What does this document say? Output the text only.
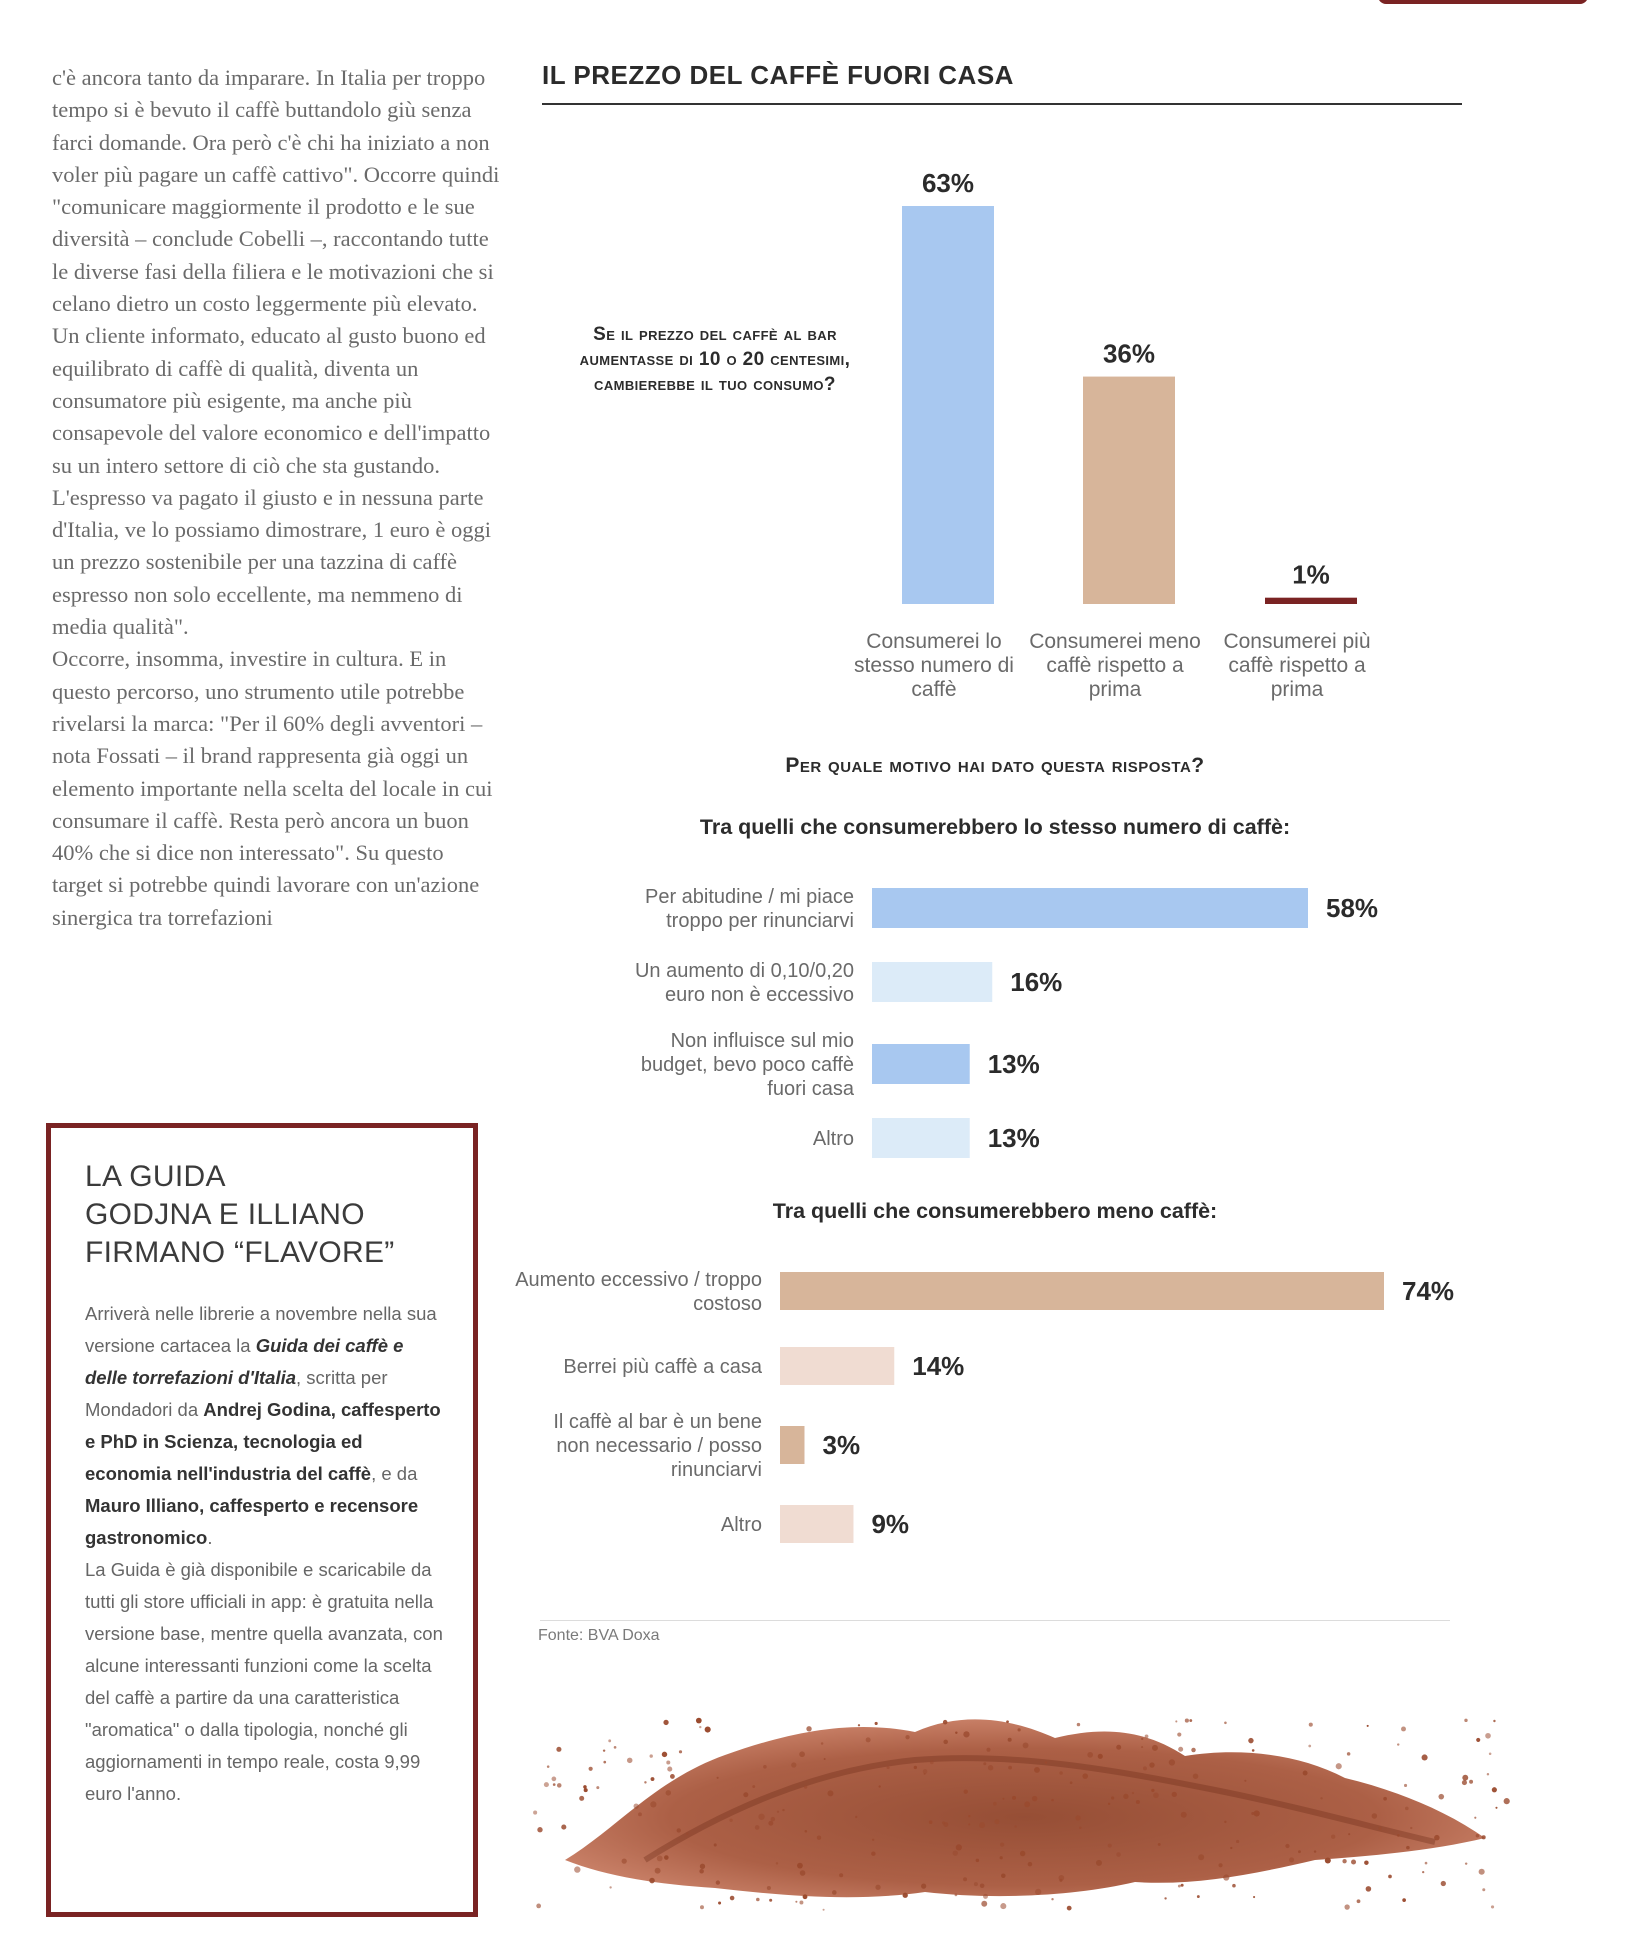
c'è ancora tanto da imparare. In Italia per troppo tempo si è bevuto il caffè buttandolo giù senza farci domande. Ora però c'è chi ha iniziato a non voler più pagare un caffè cattivo". Occorre quindi "comunicare maggiormente il prodotto e le sue diversità – conclude Cobelli –, raccontando tutte le diverse fasi della filiera e le motivazioni che si celano dietro un costo leggermente più elevato. Un cliente informato, educato al gusto buono ed equilibrato di caffè di qualità, diventa un consumatore più esigente, ma anche più consapevole del valore economico e dell'impatto su un intero settore di ciò che sta gustando. L'espresso va pagato il giusto e in nessuna parte d'Italia, ve lo possiamo dimostrare, 1 euro è oggi un prezzo sostenibile per una tazzina di caffè espresso non solo eccellente, ma nemmeno di media qualità".

Occorre, insomma, investire in cultura. E in questo percorso, uno strumento utile potrebbe rivelarsi la marca: "Per il 60% degli avventori – nota Fossati – il brand rappresenta già oggi un elemento importante nella scelta del locale in cui consumare il caffè. Resta però ancora un buon 40% che si dice non interessato". Su questo target si potrebbe quindi lavorare con un'azione sinergica tra torrefazioni

LA GUIDA
GODJNA E ILLIANO
FIRMANO “FLAVORE”

Arriverà nelle librerie a novembre nella sua versione cartacea la Guida dei caffè e delle torrefazioni d'Italia, scritta per Mondadori da Andrej Godina, caffesperto e PhD in Scienza, tecnologia ed economia nell'industria del caffè, e da Mauro Illiano, caffesperto e recensore gastronomico.
La Guida è già disponibile e scaricabile da tutti gli store ufficiali in app: è gratuita nella versione base, mentre quella avanzata, con alcune interessanti funzioni come la scelta del caffè a partire da una caratteristica "aromatica" o dalla tipologia, nonché gli aggiornamenti in tempo reale, costa 9,99 euro l'anno.

IL PREZZO DEL CAFFÈ FUORI CASA
Se il prezzo del caffè al bar aumentasse di 10 o 20 centesimi, cambierebbe il tuo consumo?
63%
Consumerei lo stesso numero di caffè
36%
Consumerei meno caffè rispetto a prima
1%
Consumerei più caffè rispetto a prima
Per quale motivo hai dato questa risposta?
Tra quelli che consumerebbero lo stesso numero di caffè:
58%
Per abitudine / mi piace troppo per rinunciarvi
16%
Un aumento di 0,10/0,20 euro non è eccessivo
13%
Non influisce sul mio budget, bevo poco caffè fuori casa
13%
Altro
74%
Aumento eccessivo / troppo costoso
14%
Berrei più caffè a casa
3%
Il caffè al bar è un bene non necessario / posso rinunciarvi
9%
Altro
Tra quelli che consumerebbero meno caffè:
Fonte: BVA Doxa
